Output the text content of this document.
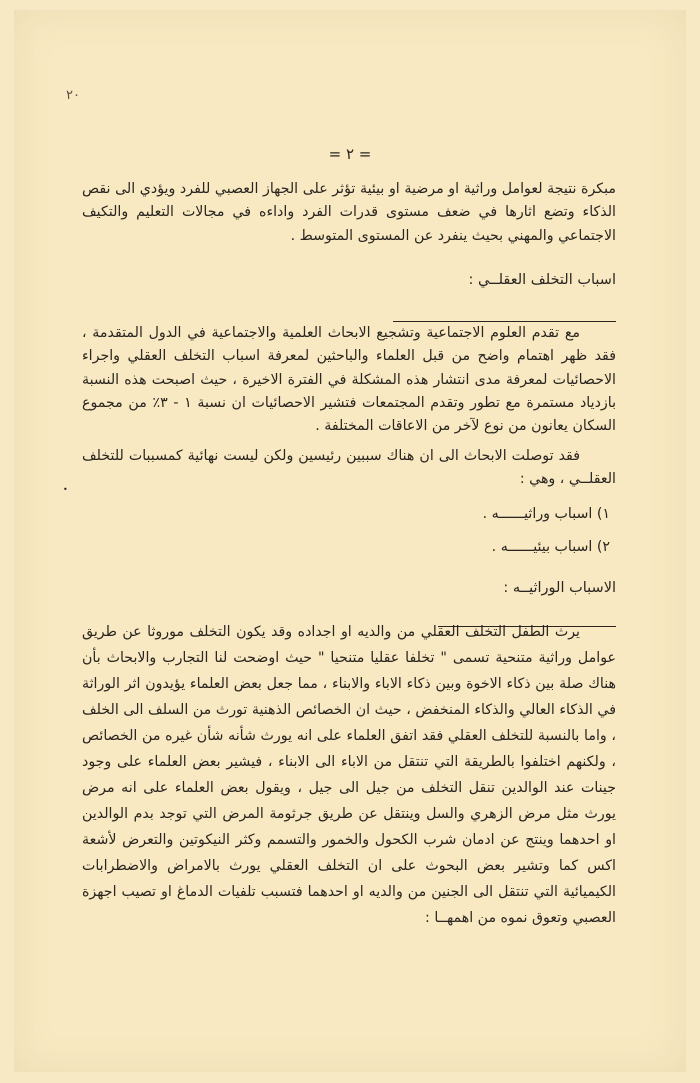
٢٠
= ٢ =
•

مبكرة نتيجة لعوامل وراثية او مرضية او بيئية تؤثر على الجهاز العصبي للفرد ويؤدي الى نقص الذكاء وتضع اثارها في ضعف مستوى قدرات الفرد واداءه في مجالات التعليم والتكيف الاجتماعي والمهني بحيث ينفرد عن المستوى المتوسط .

اسباب التخلف العقلــي :

مع تقدم العلوم الاجتماعية وتشجيع الابحاث العلمية والاجتماعية في الدول المتقدمة ، فقد ظهر اهتمام واضح من قبل العلماء والباحثين لمعرفة اسباب التخلف العقلي واجراء الاحصائيات لمعرفة مدى انتشار هذه المشكلة في الفترة الاخيرة ، حيث اصبحت هذه النسبة بازدياد مستمرة مع تطور وتقدم المجتمعات فتشير الاحصائيات ان نسبة ١ - ٣٪ من مجموع السكان يعانون من نوع لآخر من الاعاقات المختلفة .

فقد توصلت الابحاث الى ان هناك سببين رئيسين ولكن ليست نهائية كمسببات للتخلف العقلــي ، وهي :

١) اسباب وراثيــــــه .

٢) اسباب بيئيــــــه .

الاسباب الوراثيــه :

يرث الطفل التخلف العقلي من والديه او اجداده وقد يكون التخلف موروثا عن طريق عوامل وراثية متنحية تسمى " تخلفا عقليا متنحيا " حيث اوضحت لنا التجارب والابحاث بأن هناك صلة بين ذكاء الاخوة وبين ذكاء الاباء والابناء ، مما جعل بعض العلماء يؤيدون اثر الوراثة في الذكاء العالي والذكاء المنخفض ، حيث ان الخصائص الذهنية تورث من السلف الى الخلف ، واما بالنسبة للتخلف العقلي فقد اتفق العلماء على انه يورث شأنه شأن غيره من الخصائص ، ولكنهم اختلفوا بالطريقة التي تنتقل من الاباء الى الابناء ، فيشير بعض العلماء على وجود جينات عند الوالدين تنقل التخلف من جيل الى جيل ، ويقول بعض العلماء على انه مرض يورث مثل مرض الزهري والسل وينتقل عن طريق جرثومة المرض التي توجد بدم الوالدين او احدهما وينتج عن ادمان شرب الكحول والخمور والتسمم وكثر النيكوتين والتعرض لأشعة اكس كما وتشير بعض البحوث على ان التخلف العقلي يورث بالامراض والاضطرابات الكيميائية التي تنتقل الى الجنين من والديه او احدهما فتسبب تلفيات الدماغ او تصيب اجهزة العصبي وتعوق نموه من اهمهــا :
